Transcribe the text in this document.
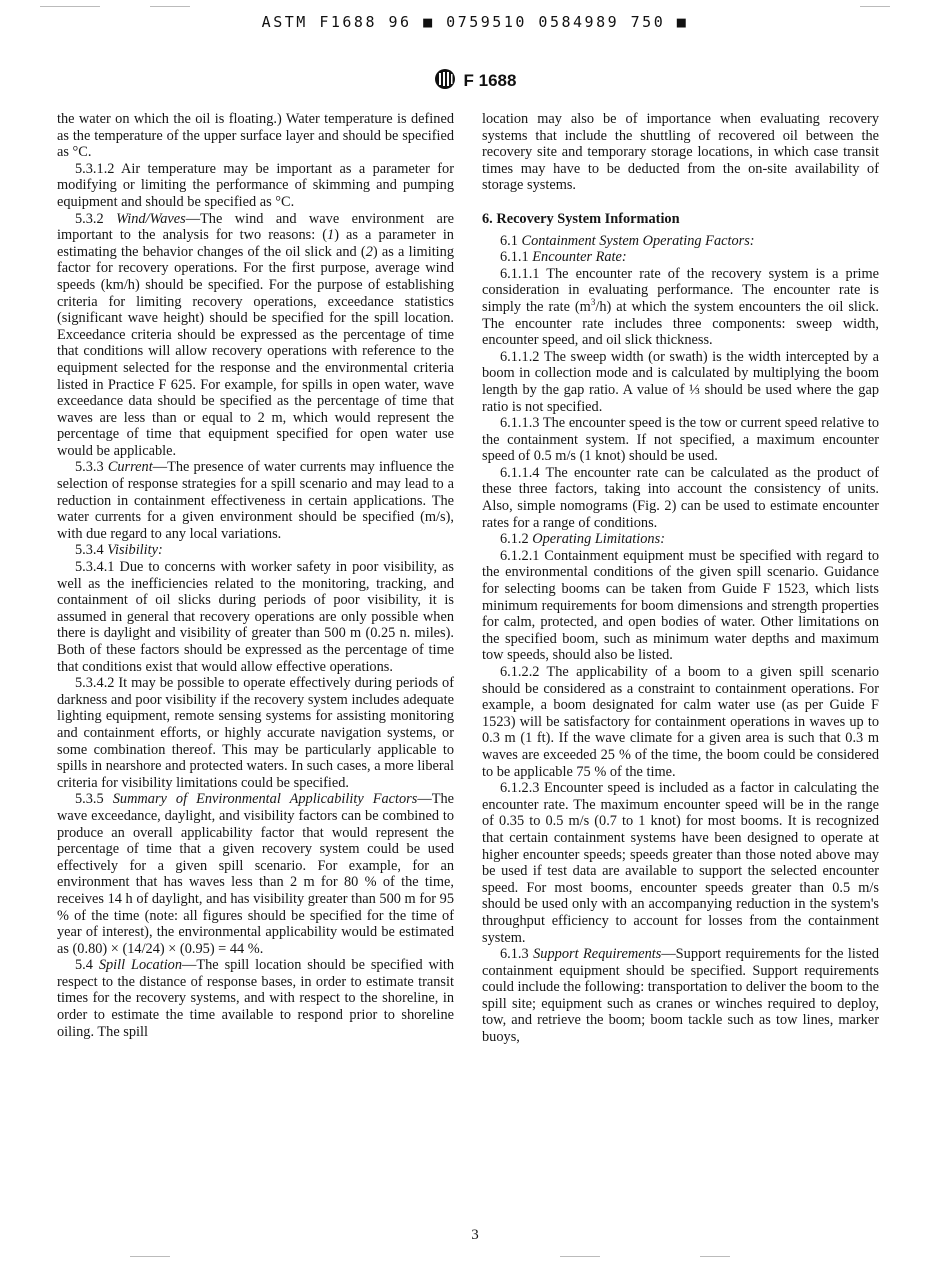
ASTM F1688 96 ■ 0759510 0584989 750 ■
F 1688

the water on which the oil is floating.) Water temperature is defined as the temperature of the upper surface layer and should be specified as °C.

5.3.1.2 Air temperature may be important as a parameter for modifying or limiting the performance of skimming and pumping equipment and should be specified as °C.

5.3.2 Wind/Waves—The wind and wave environment are important to the analysis for two reasons: (1) as a parameter in estimating the behavior changes of the oil slick and (2) as a limiting factor for recovery operations. For the first purpose, average wind speeds (km/h) should be specified. For the purpose of establishing criteria for limiting recovery operations, exceedance statistics (significant wave height) should be specified for the spill location. Exceedance criteria should be expressed as the percentage of time that conditions will allow recovery operations with reference to the equipment selected for the response and the environmental criteria listed in Practice F 625. For example, for spills in open water, wave exceedance data should be specified as the percentage of time that waves are less than or equal to 2 m, which would represent the percentage of time that equipment specified for open water use would be applicable.

5.3.3 Current—The presence of water currents may influence the selection of response strategies for a spill scenario and may lead to a reduction in containment effectiveness in certain applications. The water currents for a given environment should be specified (m/s), with due regard to any local variations.

5.3.4 Visibility:

5.3.4.1 Due to concerns with worker safety in poor visibility, as well as the inefficiencies related to the monitoring, tracking, and containment of oil slicks during periods of poor visibility, it is assumed in general that recovery operations are only possible when there is daylight and visibility of greater than 500 m (0.25 n. miles). Both of these factors should be expressed as the percentage of time that conditions exist that would allow effective operations.

5.3.4.2 It may be possible to operate effectively during periods of darkness and poor visibility if the recovery system includes adequate lighting equipment, remote sensing systems for assisting monitoring and containment efforts, or highly accurate navigation systems, or some combination thereof. This may be particularly applicable to spills in nearshore and protected waters. In such cases, a more liberal criteria for visibility limitations could be specified.

5.3.5 Summary of Environmental Applicability Factors—The wave exceedance, daylight, and visibility factors can be combined to produce an overall applicability factor that would represent the percentage of time that a given recovery system could be used effectively for a given spill scenario. For example, for an environment that has waves less than 2 m for 80 % of the time, receives 14 h of daylight, and has visibility greater than 500 m for 95 % of the time (note: all figures should be specified for the time of year of interest), the environmental applicability would be estimated as (0.80) × (14/24) × (0.95) = 44 %.

5.4 Spill Location—The spill location should be specified with respect to the distance of response bases, in order to estimate transit times for the recovery systems, and with respect to the shoreline, in order to estimate the time available to respond prior to shoreline oiling. The spill

location may also be of importance when evaluating recovery systems that include the shuttling of recovered oil between the recovery site and temporary storage locations, in which case transit times may have to be deducted from the on-site availability of storage systems.

6. Recovery System Information

6.1 Containment System Operating Factors:

6.1.1 Encounter Rate:

6.1.1.1 The encounter rate of the recovery system is a prime consideration in evaluating performance. The encounter rate is simply the rate $(m^3/h)$ at which the system encounters the oil slick. The encounter rate includes three components: sweep width, encounter speed, and oil slick thickness.

6.1.1.2 The sweep width (or swath) is the width intercepted by a boom in collection mode and is calculated by multiplying the boom length by the gap ratio. A value of ⅓ should be used where the gap ratio is not specified.

6.1.1.3 The encounter speed is the tow or current speed relative to the containment system. If not specified, a maximum encounter speed of 0.5 m/s (1 knot) should be used.

6.1.1.4 The encounter rate can be calculated as the product of these three factors, taking into account the consistency of units. Also, simple nomograms (Fig. 2) can be used to estimate encounter rates for a range of conditions.

6.1.2 Operating Limitations:

6.1.2.1 Containment equipment must be specified with regard to the environmental conditions of the given spill scenario. Guidance for selecting booms can be taken from Guide F 1523, which lists minimum requirements for boom dimensions and strength properties for calm, protected, and open bodies of water. Other limitations on the specified boom, such as minimum water depths and maximum tow speeds, should also be listed.

6.1.2.2 The applicability of a boom to a given spill scenario should be considered as a constraint to containment operations. For example, a boom designated for calm water use (as per Guide F 1523) will be satisfactory for containment operations in waves up to 0.3 m (1 ft). If the wave climate for a given area is such that 0.3 m waves are exceeded 25 % of the time, the boom could be considered to be applicable 75 % of the time.

6.1.2.3 Encounter speed is included as a factor in calculating the encounter rate. The maximum encounter speed will be in the range of 0.35 to 0.5 m/s (0.7 to 1 knot) for most booms. It is recognized that certain containment systems have been designed to operate at higher encounter speeds; speeds greater than those noted above may be used if test data are available to support the selected encounter speed. For most booms, encounter speeds greater than 0.5 m/s should be used only with an accompanying reduction in the system's throughput efficiency to account for losses from the containment system.

6.1.3 Support Requirements—Support requirements for the listed containment equipment should be specified. Support requirements could include the following: transportation to deliver the boom to the spill site; equipment such as cranes or winches required to deploy, tow, and retrieve the boom; boom tackle such as tow lines, marker buoys,

3
